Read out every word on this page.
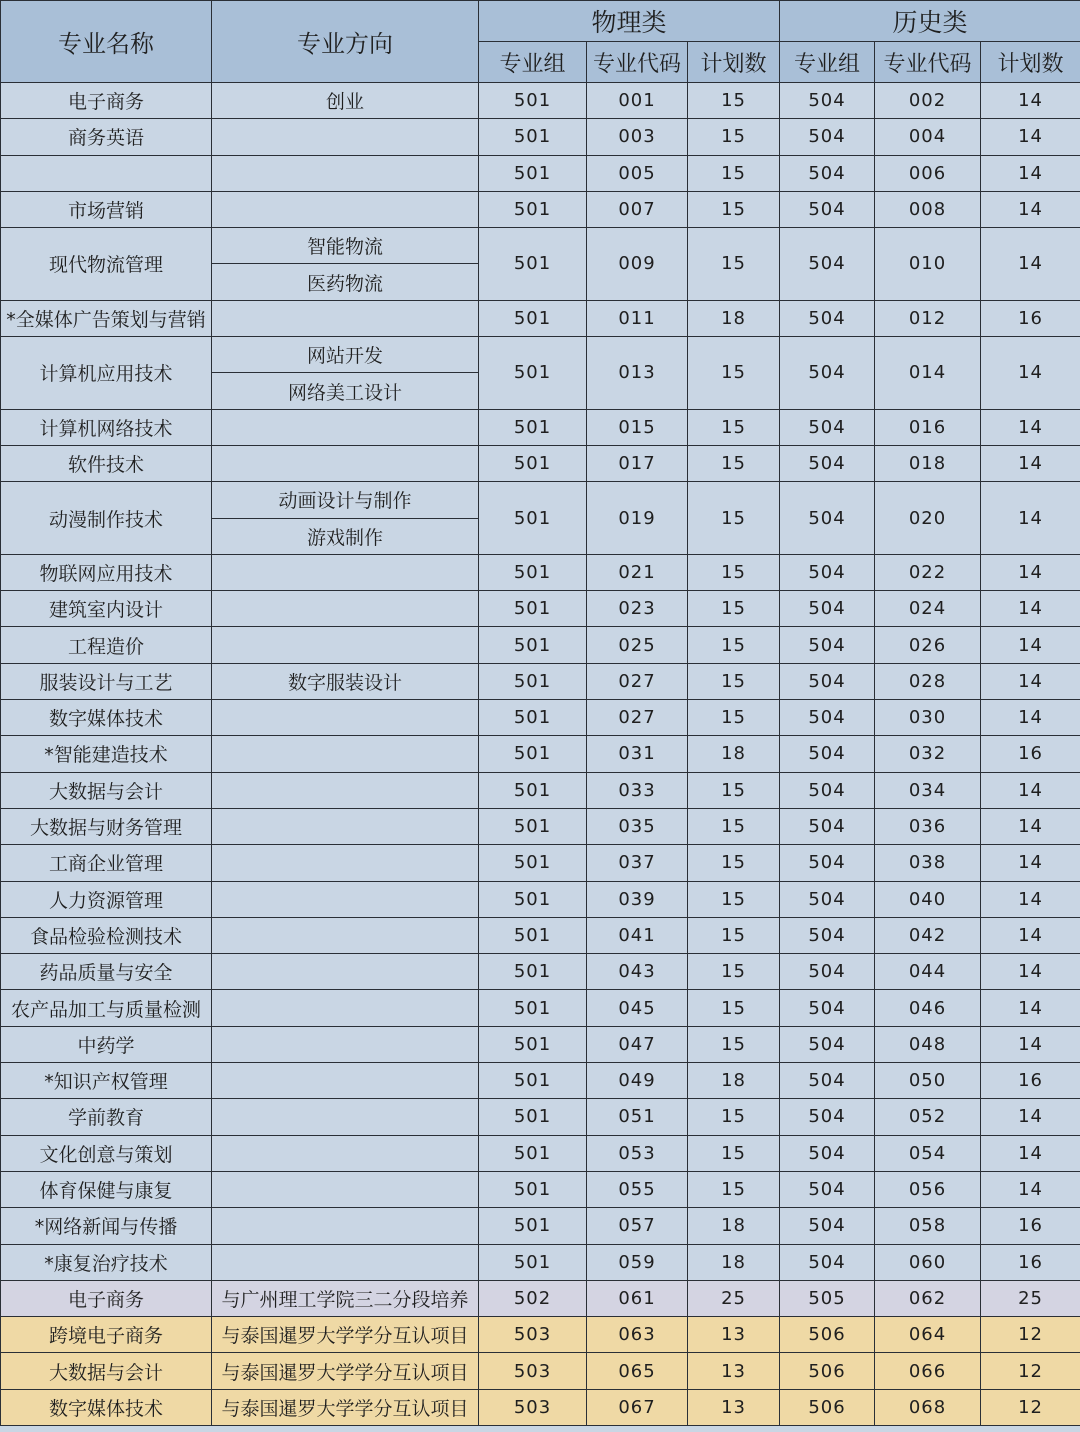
专业名称	专业方向	物理类			历史类		
		专业组	专业代码	计划数	专业组	专业代码	计划数
电子商务	创业	501	001	15	504	002	14
商务英语		501	003	15	504	004	14
		501	005	15	504	006	14
市场营销		501	007	15	504	008	14
现代物流管理	智能物流	501	009	15	504	010	14
	医药物流						
*全媒体广告策划与营销		501	011	18	504	012	16
计算机应用技术	网站开发	501	013	15	504	014	14
	网络美工设计						
计算机网络技术		501	015	15	504	016	14
软件技术		501	017	15	504	018	14
动漫制作技术	动画设计与制作	501	019	15	504	020	14
	游戏制作						
物联网应用技术		501	021	15	504	022	14
建筑室内设计		501	023	15	504	024	14
工程造价		501	025	15	504	026	14
服装设计与工艺	数字服装设计	501	027	15	504	028	14
数字媒体技术		501	027	15	504	030	14
*智能建造技术		501	031	18	504	032	16
大数据与会计		501	033	15	504	034	14
大数据与财务管理		501	035	15	504	036	14
工商企业管理		501	037	15	504	038	14
人力资源管理		501	039	15	504	040	14
食品检验检测技术		501	041	15	504	042	14
药品质量与安全		501	043	15	504	044	14
农产品加工与质量检测		501	045	15	504	046	14
中药学		501	047	15	504	048	14
*知识产权管理		501	049	18	504	050	16
学前教育		501	051	15	504	052	14
文化创意与策划		501	053	15	504	054	14
体育保健与康复		501	055	15	504	056	14
*网络新闻与传播		501	057	18	504	058	16
*康复治疗技术		501	059	18	504	060	16
电子商务	与广州理工学院三二分段培养	502	061	25	505	062	25
跨境电子商务	与泰国暹罗大学学分互认项目	503	063	13	506	064	12
大数据与会计	与泰国暹罗大学学分互认项目	503	065	13	506	066	12
数字媒体技术	与泰国暹罗大学学分互认项目	503	067	13	506	068	12
